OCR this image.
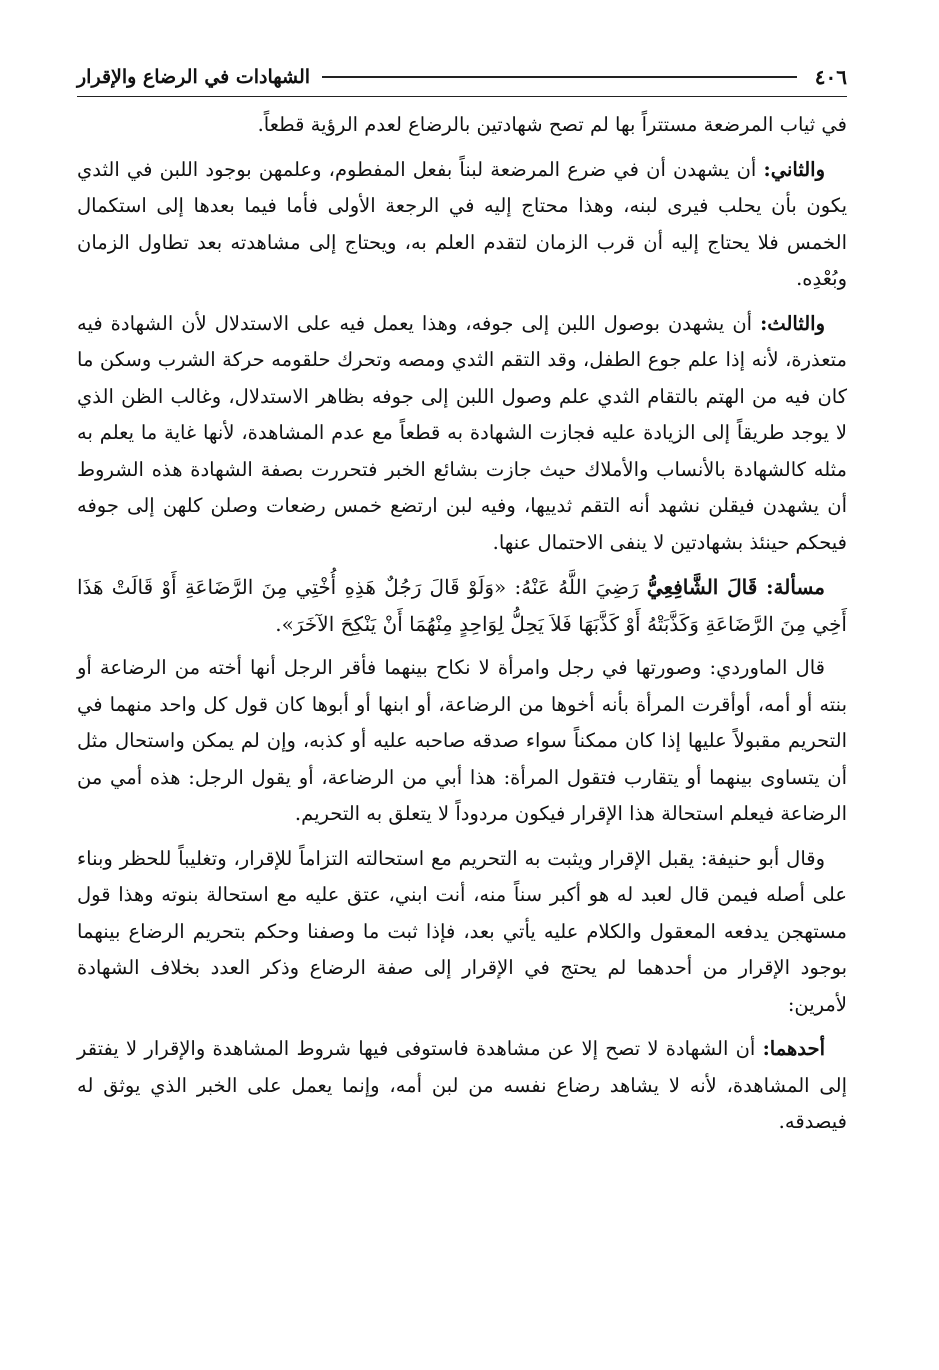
٤٠٦
الشهادات في الرضاع والإقرار

في ثياب المرضعة مستتراً بها لم تصح شهادتين بالرضاع لعدم الرؤية قطعاً.

والثاني: أن يشهدن أن في ضرع المرضعة لبناً بفعل المفطوم، وعلمهن بوجود اللبن في الثدي يكون بأن يحلب فيرى لبنه، وهذا محتاج إليه في الرجعة الأولى فأما فيما بعدها إلى استكمال الخمس فلا يحتاج إليه أن قرب الزمان لتقدم العلم به، ويحتاج إلى مشاهدته بعد تطاول الزمان وبُعْدِه.

والثالث: أن يشهدن بوصول اللبن إلى جوفه، وهذا يعمل فيه على الاستدلال لأن الشهادة فيه متعذرة، لأنه إذا علم جوع الطفل، وقد التقم الثدي ومصه وتحرك حلقومه حركة الشرب وسكن ما كان فيه من الهتم بالتقام الثدي علم وصول اللبن إلى جوفه بظاهر الاستدلال، وغالب الظن الذي لا يوجد طريقاً إلى الزيادة عليه فجازت الشهادة به قطعاً مع عدم المشاهدة، لأنها غاية ما يعلم به مثله كالشهادة بالأنساب والأملاك حيث جازت بشائع الخبر فتحررت بصفة الشهادة هذه الشروط أن يشهدن فيقلن نشهد أنه التقم ثدييها، وفيه لبن ارتضع خمس رضعات وصلن كلهن إلى جوفه فيحكم حينئذ بشهادتين لا ينفى الاحتمال عنها.

مسألة: قَالَ الشَّافِعِيُّ رَضِيَ اللَّهُ عَنْهُ: «وَلَوْ قَالَ رَجُلٌ هَذِهِ أُخْتِي مِنَ الرَّضَاعَةِ أَوْ قَالَتْ هَذَا أَخِي مِنَ الرَّضَاعَةِ وَكَذَّبَتْهُ أَوْ كَذَّبَهَا فَلاَ يَحِلُّ لِوَاحِدٍ مِنْهُمَا أَنْ يَنْكِحَ الآخَرَ».

قال الماوردي: وصورتها في رجل وامرأة لا نكاح بينهما فأقر الرجل أنها أخته من الرضاعة أو بنته أو أمه، أوأقرت المرأة بأنه أخوها من الرضاعة، أو ابنها أو أبوها كان قول كل واحد منهما في التحريم مقبولاً عليها إذا كان ممكناً سواء صدقه صاحبه عليه أو كذبه، وإن لم يمكن واستحال مثل أن يتساوى بينهما أو يتقارب فتقول المرأة: هذا أبي من الرضاعة، أو يقول الرجل: هذه أمي من الرضاعة فيعلم استحالة هذا الإقرار فيكون مردوداً لا يتعلق به التحريم.

وقال أبو حنيفة: يقبل الإقرار ويثبت به التحريم مع استحالته التزاماً للإقرار، وتغليباً للحظر وبناء على أصله فيمن قال لعبد له هو أكبر سناً منه، أنت ابني، عتق عليه مع استحالة بنوته وهذا قول مستهجن يدفعه المعقول والكلام عليه يأتي بعد، فإذا ثبت ما وصفنا وحكم بتحريم الرضاع بينهما بوجود الإقرار من أحدهما لم يحتج في الإقرار إلى صفة الرضاع وذكر العدد بخلاف الشهادة لأمرين:

أحدهما: أن الشهادة لا تصح إلا عن مشاهدة فاستوفى فيها شروط المشاهدة والإقرار لا يفتقر إلى المشاهدة، لأنه لا يشاهد رضاع نفسه من لبن أمه، وإنما يعمل على الخبر الذي يوثق له فيصدقه.
